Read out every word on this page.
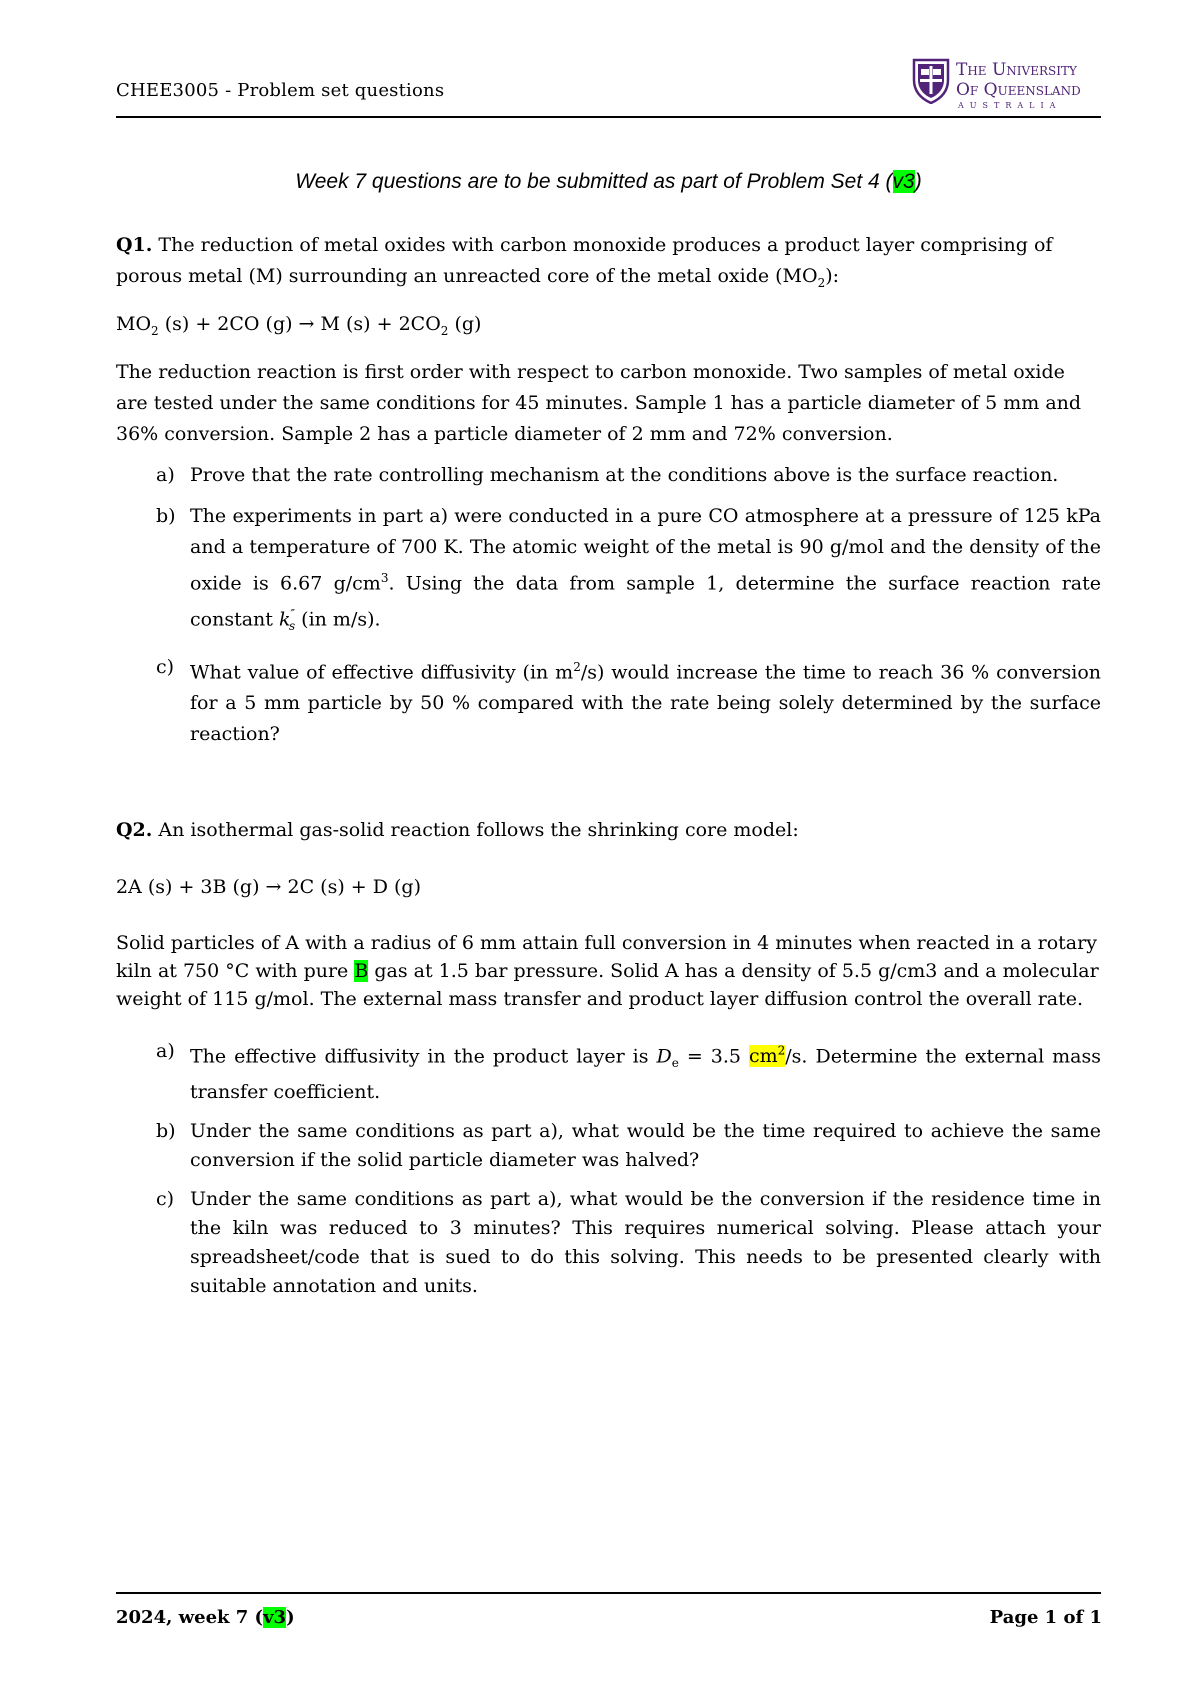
CHEE3005 - Problem set questions
The University
Of Queensland
AUSTRALIA
Week 7 questions are to be submitted as part of Problem Set 4 (v3)

Q1. The reduction of metal oxides with carbon monoxide produces a product layer comprising of porous metal (M) surrounding an unreacted core of the metal oxide $(MO_2)$:

$MO_2$ (s) + 2CO (g) → M $(s) + 2CO_2$ (g)

The reduction reaction is first order with respect to carbon monoxide. Two samples of metal oxide are tested under the same conditions for 45 minutes. Sample 1 has a particle diameter of 5 mm and 36% conversion. Sample 2 has a particle diameter of 2 mm and 72% conversion.

a) Prove that the rate controlling mechanism at the conditions above is the surface reaction.
b) The experiments in part a) were conducted in a pure CO atmosphere at a pressure of 125 kPa and a temperature of 700 K. The atomic weight of the metal is 90 g/mol and the density of the oxide is 6.67 $g/cm^3$. Using the data from sample 1, determine the surface reaction rate constant $k''_s$ (in m/s).
c) What value of effective diffusivity (in $m^2/s$) would increase the time to reach 36 % conversion for a 5 mm particle by 50 % compared with the rate being solely determined by the surface reaction?

Q2. An isothermal gas-solid reaction follows the shrinking core model:

2A (s) + 3B (g) → 2C (s) + D (g)

Solid particles of A with a radius of 6 mm attain full conversion in 4 minutes when reacted in a rotary kiln at 750 °C with pure B gas at 1.5 bar pressure. Solid A has a density of 5.5 g/cm3 and a molecular weight of 115 g/mol. The external mass transfer and product layer diffusion control the overall rate.

a) The effective diffusivity in the product layer is $D_e = 3.5$ $cm^2/s$. Determine the external mass transfer coefficient.
b) Under the same conditions as part a), what would be the time required to achieve the same conversion if the solid particle diameter was halved?
c) Under the same conditions as part a), what would be the conversion if the residence time in the kiln was reduced to 3 minutes? This requires numerical solving. Please attach your spreadsheet/code that is sued to do this solving. This needs to be presented clearly with suitable annotation and units.
2024, week 7 (v3)	Page 1 of 1
